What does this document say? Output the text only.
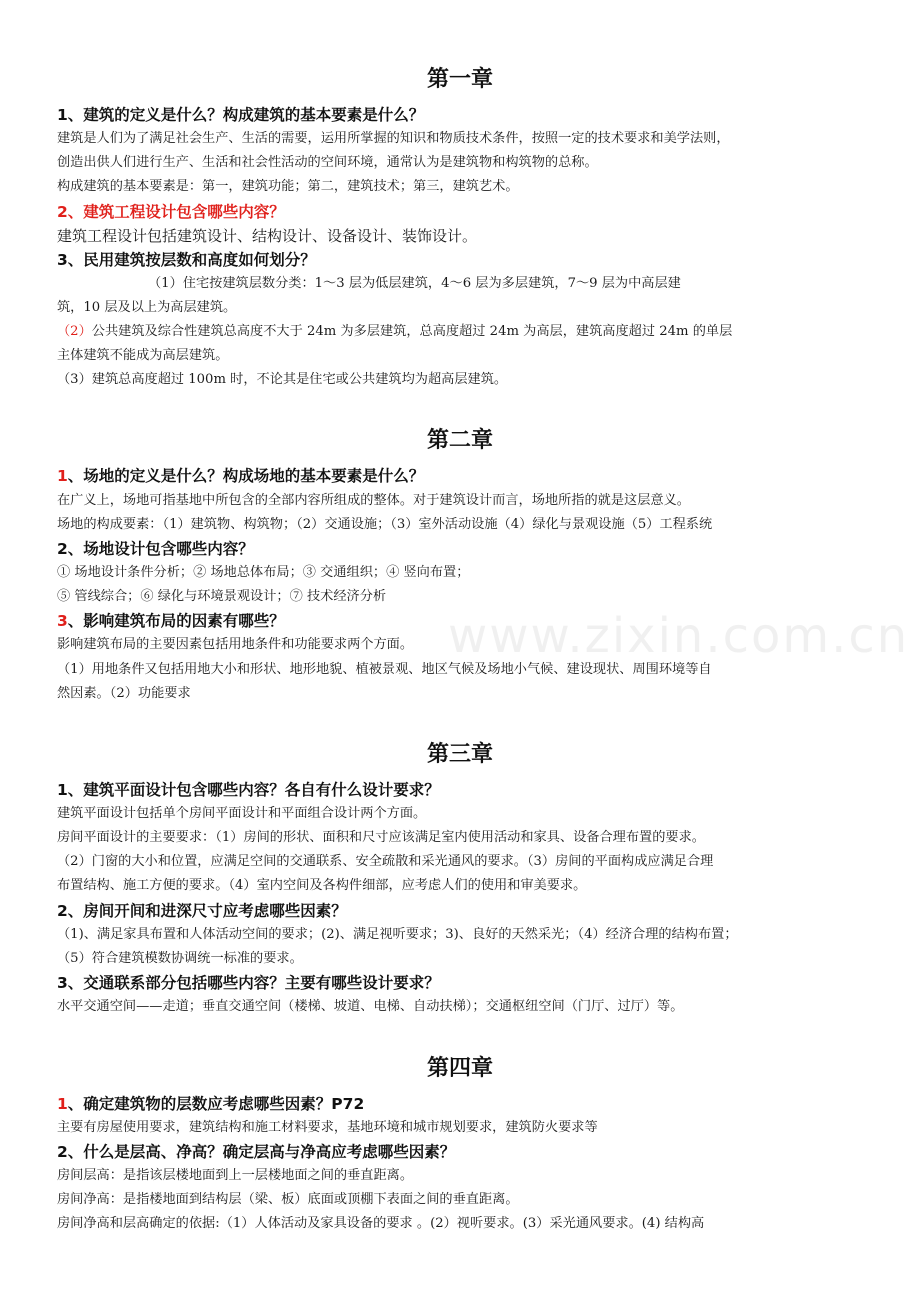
第一章
1、建筑的定义是什么？构成建筑的基本要素是什么？
建筑是人们为了满足社会生产、生活的需要，运用所掌握的知识和物质技术条件，按照一定的技术要求和美学法则，
创造出供人们进行生产、生活和社会性活动的空间环境，通常认为是建筑物和构筑物的总称。
构成建筑的基本要素是：第一，建筑功能；第二，建筑技术；第三，建筑艺术。
2、建筑工程设计包含哪些内容？
建筑工程设计包括建筑设计、结构设计、设备设计、装饰设计。
3、民用建筑按层数和高度如何划分？
（1）住宅按建筑层数分类：1～3 层为低层建筑，4～6 层为多层建筑，7～9 层为中高层建
筑，10 层及以上为高层建筑。
（2）公共建筑及综合性建筑总高度不大于 24m 为多层建筑，总高度超过 24m 为高层，建筑高度超过 24m 的单层
主体建筑不能成为高层建筑。
（3）建筑总高度超过 100m 时，不论其是住宅或公共建筑均为超高层建筑。
第二章
1、场地的定义是什么？构成场地的基本要素是什么？
在广义上，场地可指基地中所包含的全部内容所组成的整体。对于建筑设计而言，场地所指的就是这层意义。
场地的构成要素：（1）建筑物、构筑物；（2）交通设施；（3）室外活动设施（4）绿化与景观设施（5）工程系统
2、场地设计包含哪些内容？
① 场地设计条件分析；② 场地总体布局；③ 交通组织；④ 竖向布置；
⑤ 管线综合；⑥ 绿化与环境景观设计；⑦ 技术经济分析
3、影响建筑布局的因素有哪些？
影响建筑布局的主要因素包括用地条件和功能要求两个方面。
（1）用地条件又包括用地大小和形状、地形地貌、植被景观、地区气候及场地小气候、建设现状、周围环境等自
然因素。（2）功能要求
第三章
1、建筑平面设计包含哪些内容？各自有什么设计要求？
建筑平面设计包括单个房间平面设计和平面组合设计两个方面。
房间平面设计的主要要求：（1）房间的形状、面积和尺寸应该满足室内使用活动和家具、设备合理布置的要求。
（2）门窗的大小和位置，应满足空间的交通联系、安全疏散和采光通风的要求。（3）房间的平面构成应满足合理
布置结构、施工方便的要求。（4）室内空间及各构件细部，应考虑人们的使用和审美要求。
2、房间开间和进深尺寸应考虑哪些因素？
（1)、满足家具布置和人体活动空间的要求；(2)、满足视听要求；3)、良好的天然采光；（4）经济合理的结构布置；
（5）符合建筑模数协调统一标准的要求。
3、交通联系部分包括哪些内容？主要有哪些设计要求？
水平交通空间——走道；垂直交通空间（楼梯、坡道、电梯、自动扶梯）；交通枢纽空间（门厅、过厅）等。
第四章
1、确定建筑物的层数应考虑哪些因素？P72
主要有房屋使用要求，建筑结构和施工材料要求，基地环境和城市规划要求，建筑防火要求等
2、什么是层高、净高？确定层高与净高应考虑哪些因素？
房间层高：是指该层楼地面到上一层楼地面之间的垂直距离。
房间净高：是指楼地面到结构层（梁、板）底面或顶棚下表面之间的垂直距离。
房间净高和层高确定的依据:（1）人体活动及家具设备的要求 。(2）视听要求。(3）采光通风要求。(4) 结构高
www.zixin.com.cn
